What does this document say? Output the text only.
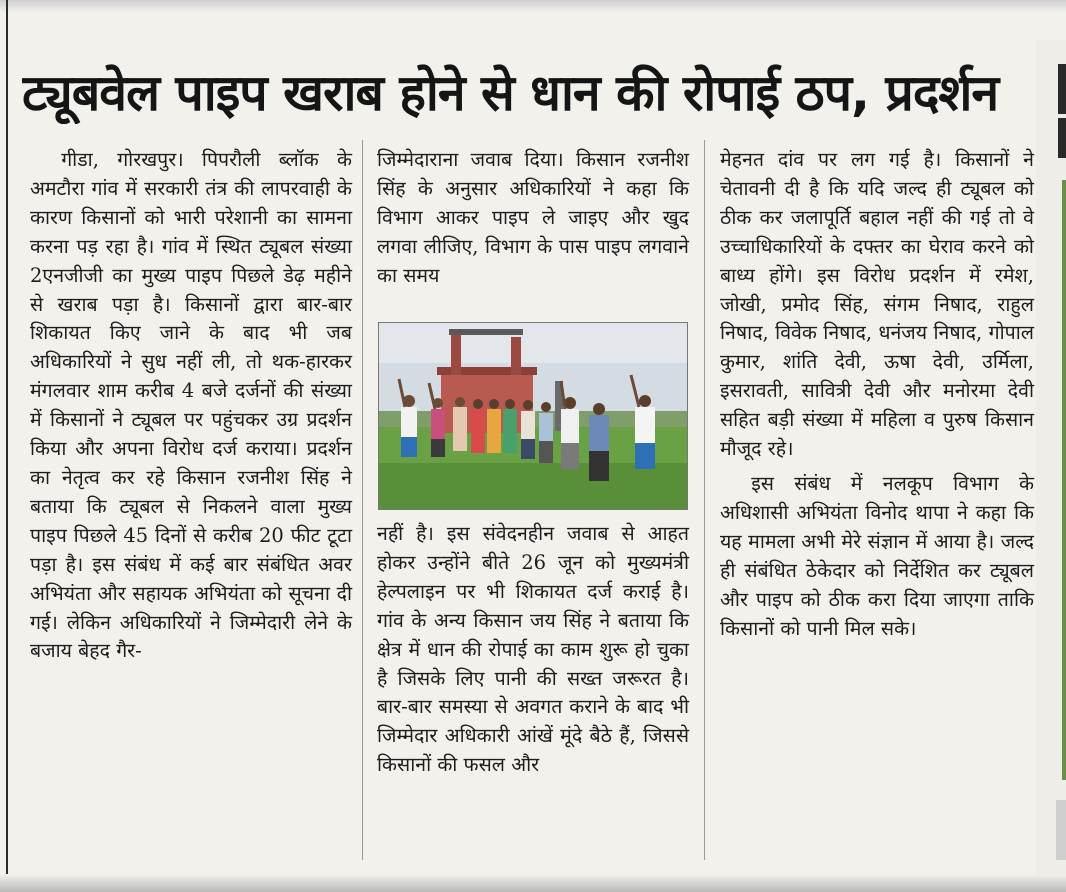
ट्यूबवेल पाइप खराब होने से धान की रोपाई ठप, प्रदर्शन

गीडा, गोरखपुर। पिपरौली ब्लॉक के अमटौरा गांव में सरकारी तंत्र की लापरवाही के कारण किसानों को भारी परेशानी का सामना करना पड़ रहा है। गांव में स्थित ट्यूबल संख्या 2एनजीजी का मुख्य पाइप पिछले डेढ़ महीने से खराब पड़ा है। किसानों द्वारा बार-बार शिकायत किए जाने के बाद भी जब अधिकारियों ने सुध नहीं ली, तो थक-हारकर मंगलवार शाम करीब 4 बजे दर्जनों की संख्या में किसानों ने ट्यूबल पर पहुंचकर उग्र प्रदर्शन किया और अपना विरोध दर्ज कराया। प्रदर्शन का नेतृत्व कर रहे किसान रजनीश सिंह ने बताया कि ट्यूबल से निकलने वाला मुख्य पाइप पिछले 45 दिनों से करीब 20 फीट टूटा पड़ा है। इस संबंध में कई बार संबंधित अवर अभियंता और सहायक अभियंता को सूचना दी गई। लेकिन अधिकारियों ने जिम्मेदारी लेने के बजाय बेहद गैर-

जिम्मेदाराना जवाब दिया। किसान रजनीश सिंह के अनुसार अधिकारियों ने कहा कि विभाग आकर पाइप ले जाइए और खुद लगवा लीजिए, विभाग के पास पाइप लगवाने का समय

नहीं है। इस संवेदनहीन जवाब से आहत होकर उन्होंने बीते 26 जून को मुख्यमंत्री हेल्पलाइन पर भी शिकायत दर्ज कराई है। गांव के अन्य किसान जय सिंह ने बताया कि क्षेत्र में धान की रोपाई का काम शुरू हो चुका है जिसके लिए पानी की सख्त जरूरत है। बार-बार समस्या से अवगत कराने के बाद भी जिम्मेदार अधिकारी आंखें मूंदे बैठे हैं, जिससे किसानों की फसल और

मेहनत दांव पर लग गई है। किसानों ने चेतावनी दी है कि यदि जल्द ही ट्यूबल को ठीक कर जलापूर्ति बहाल नहीं की गई तो वे उच्चाधिकारियों के दफ्तर का घेराव करने को बाध्य होंगे। इस विरोध प्रदर्शन में रमेश, जोखी, प्रमोद सिंह, संगम निषाद, राहुल निषाद, विवेक निषाद, धनंजय निषाद, गोपाल कुमार, शांति देवी, ऊषा देवी, उर्मिला, इसरावती, सावित्री देवी और मनोरमा देवी सहित बड़ी संख्या में महिला व पुरुष किसान मौजूद रहे।

इस संबंध में नलकूप विभाग के अधिशासी अभियंता विनोद थापा ने कहा कि यह मामला अभी मेरे संज्ञान में आया है। जल्द ही संबंधित ठेकेदार को निर्देशित कर ट्यूबल और पाइप को ठीक करा दिया जाएगा ताकि किसानों को पानी मिल सके।
